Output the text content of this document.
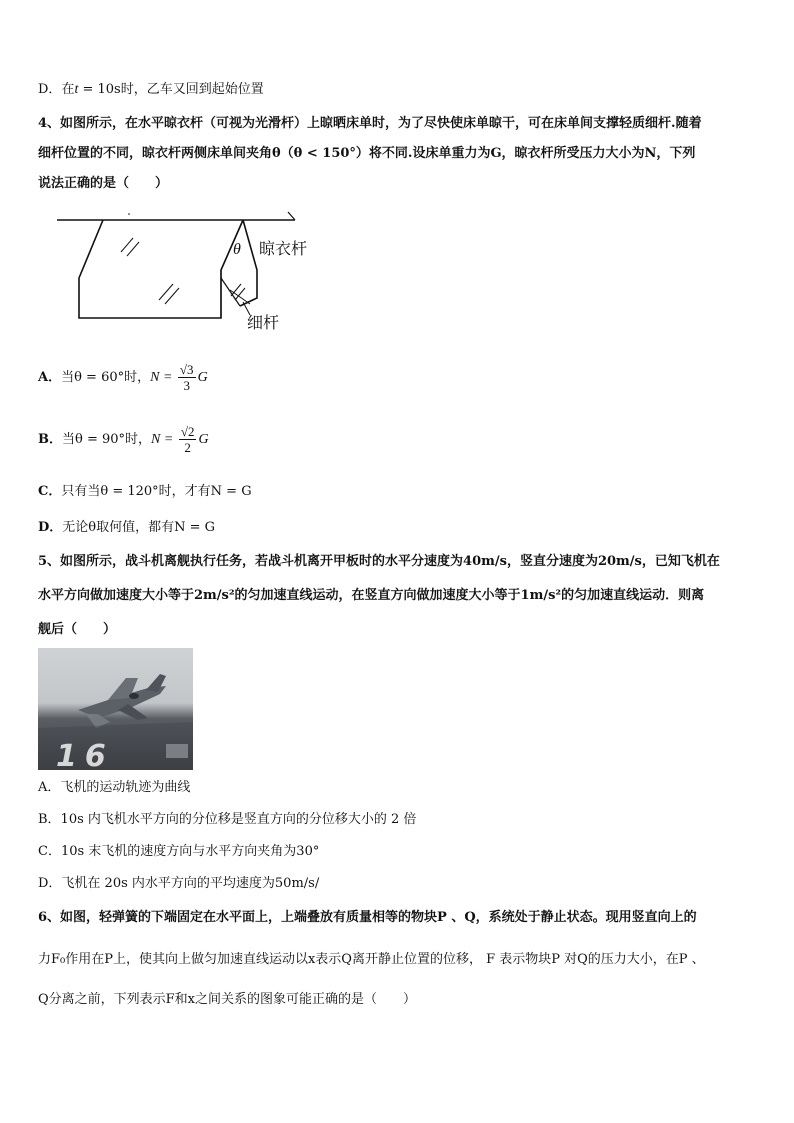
D．在t = 10s时，乙车又回到起始位置
4、如图所示，在水平晾衣杆（可视为光滑杆）上晾晒床单时，为了尽快使床单晾干，可在床单间支撑轻质细杆.随着
细杆位置的不同，晾衣杆两侧床单间夹角θ（θ < 150°）将不同.设床单重力为G，晾衣杆所受压力大小为N，下列
说法正确的是（　　）
θ 晾衣杆
细杆
A．当θ = 60°时，$N = \frac{√3}{3}$ G
B．当θ = 90°时，$N = \frac{√2}{2}$ G
C．只有当θ = 120°时，才有N = G
D．无论θ取何值，都有N = G
5、如图所示，战斗机离舰执行任务，若战斗机离开甲板时的水平分速度为40m/s，竖直分速度为20m/s，已知飞机在
水平方向做加速度大小等于2m/s²的匀加速直线运动，在竖直方向做加速度大小等于1m/s²的匀加速直线运动．则离
舰后（　　）
16
A．飞机的运动轨迹为曲线
B．10s 内飞机水平方向的分位移是竖直方向的分位移大小的 2 倍
C．10s 末飞机的速度方向与水平方向夹角为30°
D．飞机在 20s 内水平方向的平均速度为50m/s/
6、如图，轻弹簧的下端固定在水平面上，上端叠放有质量相等的物块P 、Q，系统处于静止状态。现用竖直向上的
力F₀作用在P上，使其向上做匀加速直线运动以x表示Q离开静止位置的位移， F 表示物块P 对Q的压力大小，在P 、
Q分离之前，下列表示F和x之间关系的图象可能正确的是（　　）
